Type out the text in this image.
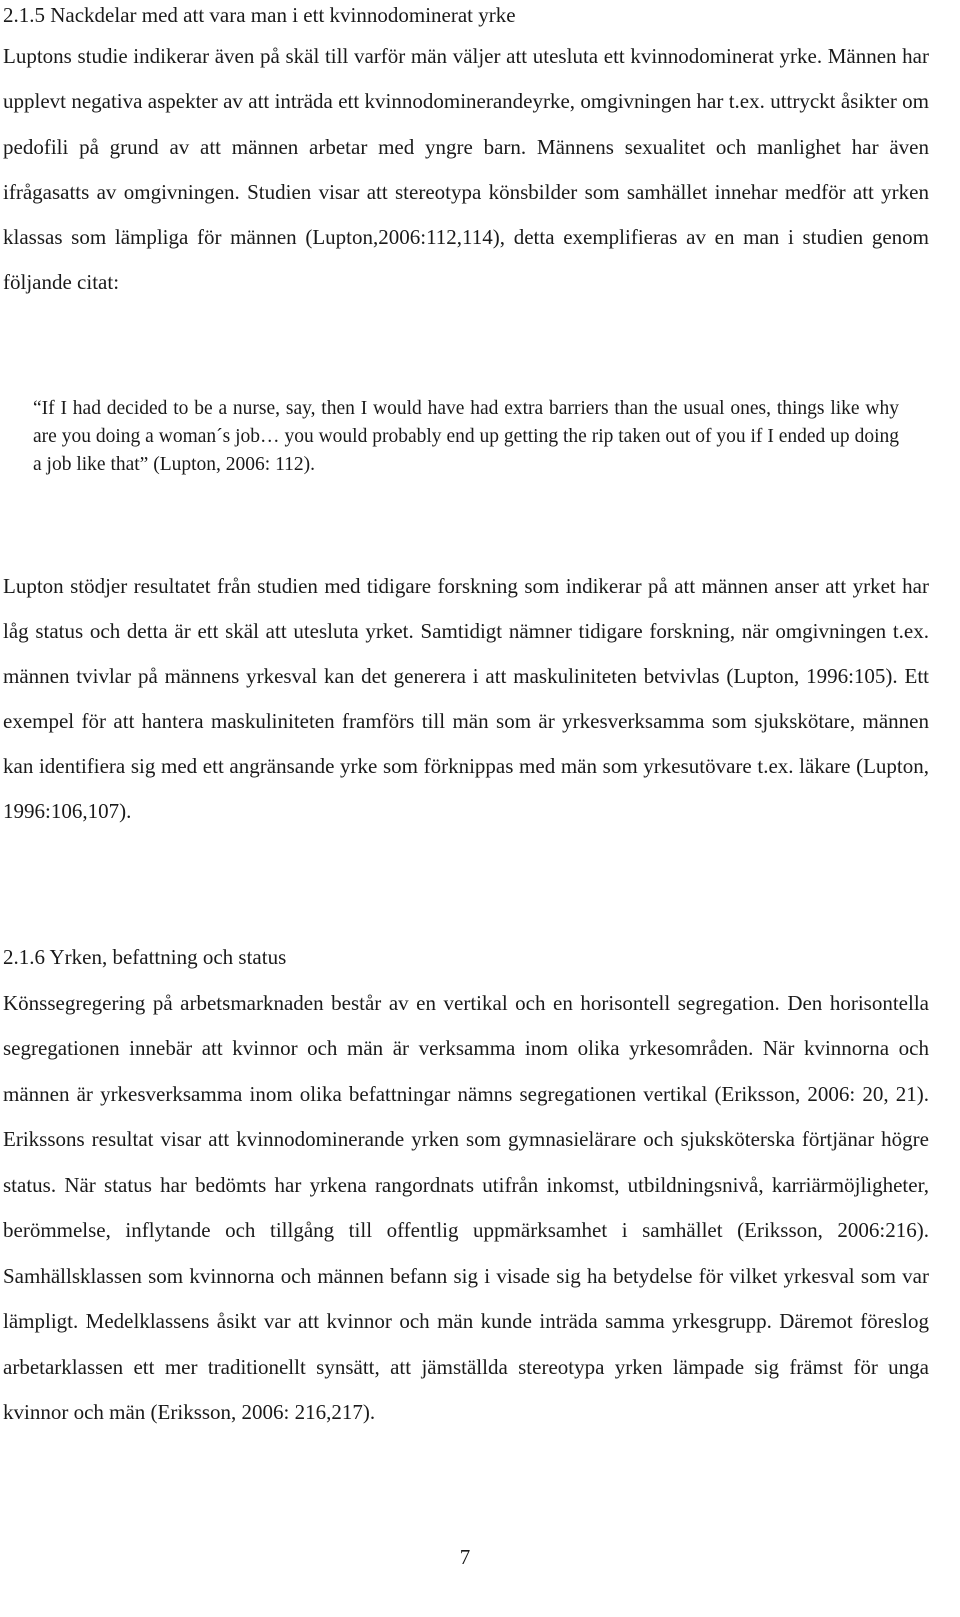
2.1.5 Nackdelar med att vara man i ett kvinnodominerat yrke

Luptons studie indikerar även på skäl till varför män väljer att utesluta ett kvinnodominerat yrke. Männen har upplevt negativa aspekter av att inträda ett kvinnodominerandeyrke, omgivningen har t.ex. uttryckt åsikter om pedofili på grund av att männen arbetar med yngre barn. Männens sexualitet och manlighet har även ifrågasatts av omgivningen. Studien visar att stereotypa könsbilder som samhället innehar medför att yrken klassas som lämpliga för männen (Lupton,2006:112,114), detta exemplifieras av en man i studien genom följande citat:

“If I had decided to be a nurse, say, then I would have had extra barriers than the usual ones, things like why are you doing a woman´s job… you would probably end up getting the rip taken out of you if I ended up doing a job like that” (Lupton, 2006: 112).

Lupton stödjer resultatet från studien med tidigare forskning som indikerar på att männen anser att yrket har låg status och detta är ett skäl att utesluta yrket. Samtidigt nämner tidigare forskning, när omgivningen t.ex. männen tvivlar på männens yrkesval kan det generera i att maskuliniteten betvivlas (Lupton, 1996:105). Ett exempel för att hantera maskuliniteten framförs till män som är yrkesverksamma som sjukskötare, männen kan identifiera sig med ett angränsande yrke som förknippas med män som yrkesutövare t.ex. läkare (Lupton, 1996:106,107).

2.1.6 Yrken, befattning och status

Könssegregering på arbetsmarknaden består av en vertikal och en horisontell segregation. Den horisontella segregationen innebär att kvinnor och män är verksamma inom olika yrkesområden. När kvinnorna och männen är yrkesverksamma inom olika befattningar nämns segregationen vertikal (Eriksson, 2006: 20, 21). Erikssons resultat visar att kvinnodominerande yrken som gymnasielärare och sjuksköterska förtjänar högre status. När status har bedömts har yrkena rangordnats utifrån inkomst, utbildningsnivå, karriärmöjligheter, berömmelse, inflytande och tillgång till offentlig uppmärksamhet i samhället (Eriksson, 2006:216). Samhällsklassen som kvinnorna och männen befann sig i visade sig ha betydelse för vilket yrkesval som var lämpligt. Medelklassens åsikt var att kvinnor och män kunde inträda samma yrkesgrupp. Däremot föreslog arbetarklassen ett mer traditionellt synsätt, att jämställda stereotypa yrken lämpade sig främst för unga kvinnor och män (Eriksson, 2006: 216,217).

7
